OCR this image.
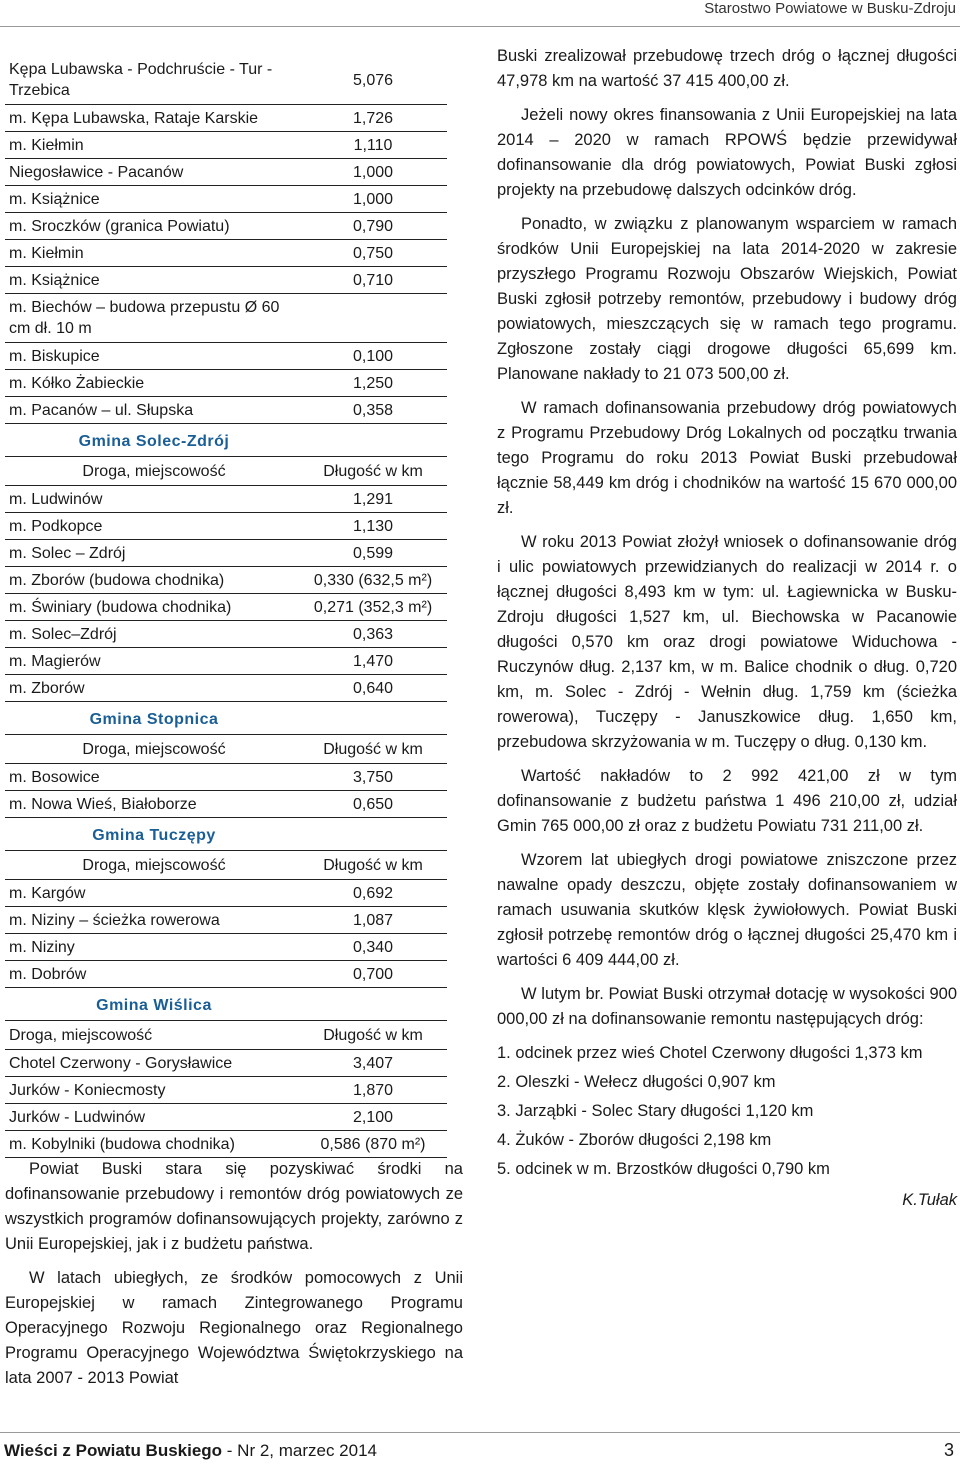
Starostwo Powiatowe w Busku-Zdroju
Kępa Lubawska - Podchruście - Tur - Trzebica	5,076
m. Kępa Lubawska, Rataje Karskie	1,726
m. Kiełmin	1,110
Niegosławice - Pacanów	1,000
m. Książnice	1,000
m. Sroczków (granica Powiatu)	0,790
m. Kiełmin	0,750
m. Książnice	0,710
m. Biechów – budowa przepustu Ø 60 cm dł. 10 m	
m. Biskupice	0,100
m. Kółko Żabieckie	1,250
m. Pacanów – ul. Słupska	0,358
Gmina Solec-Zdrój	
Droga, miejscowość	Długość w km
m. Ludwinów	1,291
m. Podkopce	1,130
m. Solec – Zdrój	0,599
m. Zborów (budowa chodnika)	0,330 (632,5 m²)
m. Świniary (budowa chodnika)	0,271 (352,3 m²)
m. Solec–Zdrój	0,363
m. Magierów	1,470
m. Zborów	0,640
Gmina Stopnica	
Droga, miejscowość	Długość w km
m. Bosowice	3,750
m. Nowa Wieś, Białoborze	0,650
Gmina Tuczępy	
Droga, miejscowość	Długość w km
m. Kargów	0,692
m. Niziny – ścieżka rowerowa	1,087
m. Niziny	0,340
m. Dobrów	0,700
Gmina Wiślica	
Droga, miejscowość	Długość w km
Chotel Czerwony - Gorysławice	3,407
Jurków - Koniecmosty	1,870
Jurków - Ludwinów	2,100
m. Kobylniki (budowa chodnika)	0,586 (870 m²)

Powiat Buski stara się pozyskiwać środki na dofinansowanie przebudowy i remontów dróg powiatowych ze wszystkich programów dofinansowujących projekty, zarówno z Unii Europejskiej, jak i z budżetu państwa.

W latach ubiegłych, ze środków pomocowych z Unii Europejskiej w ramach Zintegrowanego Programu Operacyjnego Rozwoju Regionalnego oraz Regionalnego Programu Operacyjnego Województwa Świętokrzyskiego na lata 2007 - 2013 Powiat

Buski zrealizował przebudowę trzech dróg o łącznej długości 47,978 km na wartość 37 415 400,00 zł.

Jeżeli nowy okres finansowania z Unii Europejskiej na lata 2014 – 2020 w ramach RPOWŚ będzie przewidywał dofinansowanie dla dróg powiatowych, Powiat Buski zgłosi projekty na przebudowę dalszych odcinków dróg.

Ponadto, w związku z planowanym wsparciem w ramach środków Unii Europejskiej na lata 2014-2020 w zakresie przyszłego Programu Rozwoju Obszarów Wiejskich, Powiat Buski zgłosił potrzeby remontów, przebudowy i budowy dróg powiatowych, mieszczących się w ramach tego programu. Zgłoszone zostały ciągi drogowe długości 65,699 km. Planowane nakłady to 21 073 500,00 zł.

W ramach dofinansowania przebudowy dróg powiatowych z Programu Przebudowy Dróg Lokalnych od początku trwania tego Programu do roku 2013 Powiat Buski przebudował łącznie 58,449 km dróg i chodników na wartość 15 670 000,00 zł.

W roku 2013 Powiat złożył wniosek o dofinansowanie dróg i ulic powiatowych przewidzianych do realizacji w 2014 r. o łącznej długości 8,493 km w tym: ul. Łagiewnicka w Busku-Zdroju długości 1,527 km, ul. Biechowska w Pacanowie długości 0,570 km oraz drogi powiatowe Widuchowa - Ruczynów dług. 2,137 km, w m. Balice chodnik o dług. 0,720 km, m. Solec - Zdrój - Wełnin dług. 1,759 km (ścieżka rowerowa), Tuczępy - Januszkowice dług. 1,650 km, przebudowa skrzyżowania w m. Tuczępy o dług. 0,130 km.

Wartość nakładów to 2 992 421,00 zł w tym dofinansowanie z budżetu państwa 1 496 210,00 zł, udział Gmin 765 000,00 zł oraz z budżetu Powiatu 731 211,00 zł.

Wzorem lat ubiegłych drogi powiatowe zniszczone przez nawalne opady deszczu, objęte zostały dofinansowaniem w ramach usuwania skutków klęsk żywiołowych. Powiat Buski zgłosił potrzebę remontów dróg o łącznej długości 25,470 km i wartości 6 409 444,00 zł.

W lutym br. Powiat Buski otrzymał dotację w wysokości 900 000,00 zł na dofinansowanie remontu następujących dróg:

1. odcinek przez wieś Chotel Czerwony długości 1,373 km
2. Oleszki - Wełecz długości 0,907 km
3. Jarząbki - Solec Stary długości 1,120 km
4. Żuków - Zborów długości 2,198 km
5. odcinek w m. Brzostków długości 0,790 km
K.Tułak
Wieści z Powiatu Buskiego - Nr 2, marzec 2014	3
